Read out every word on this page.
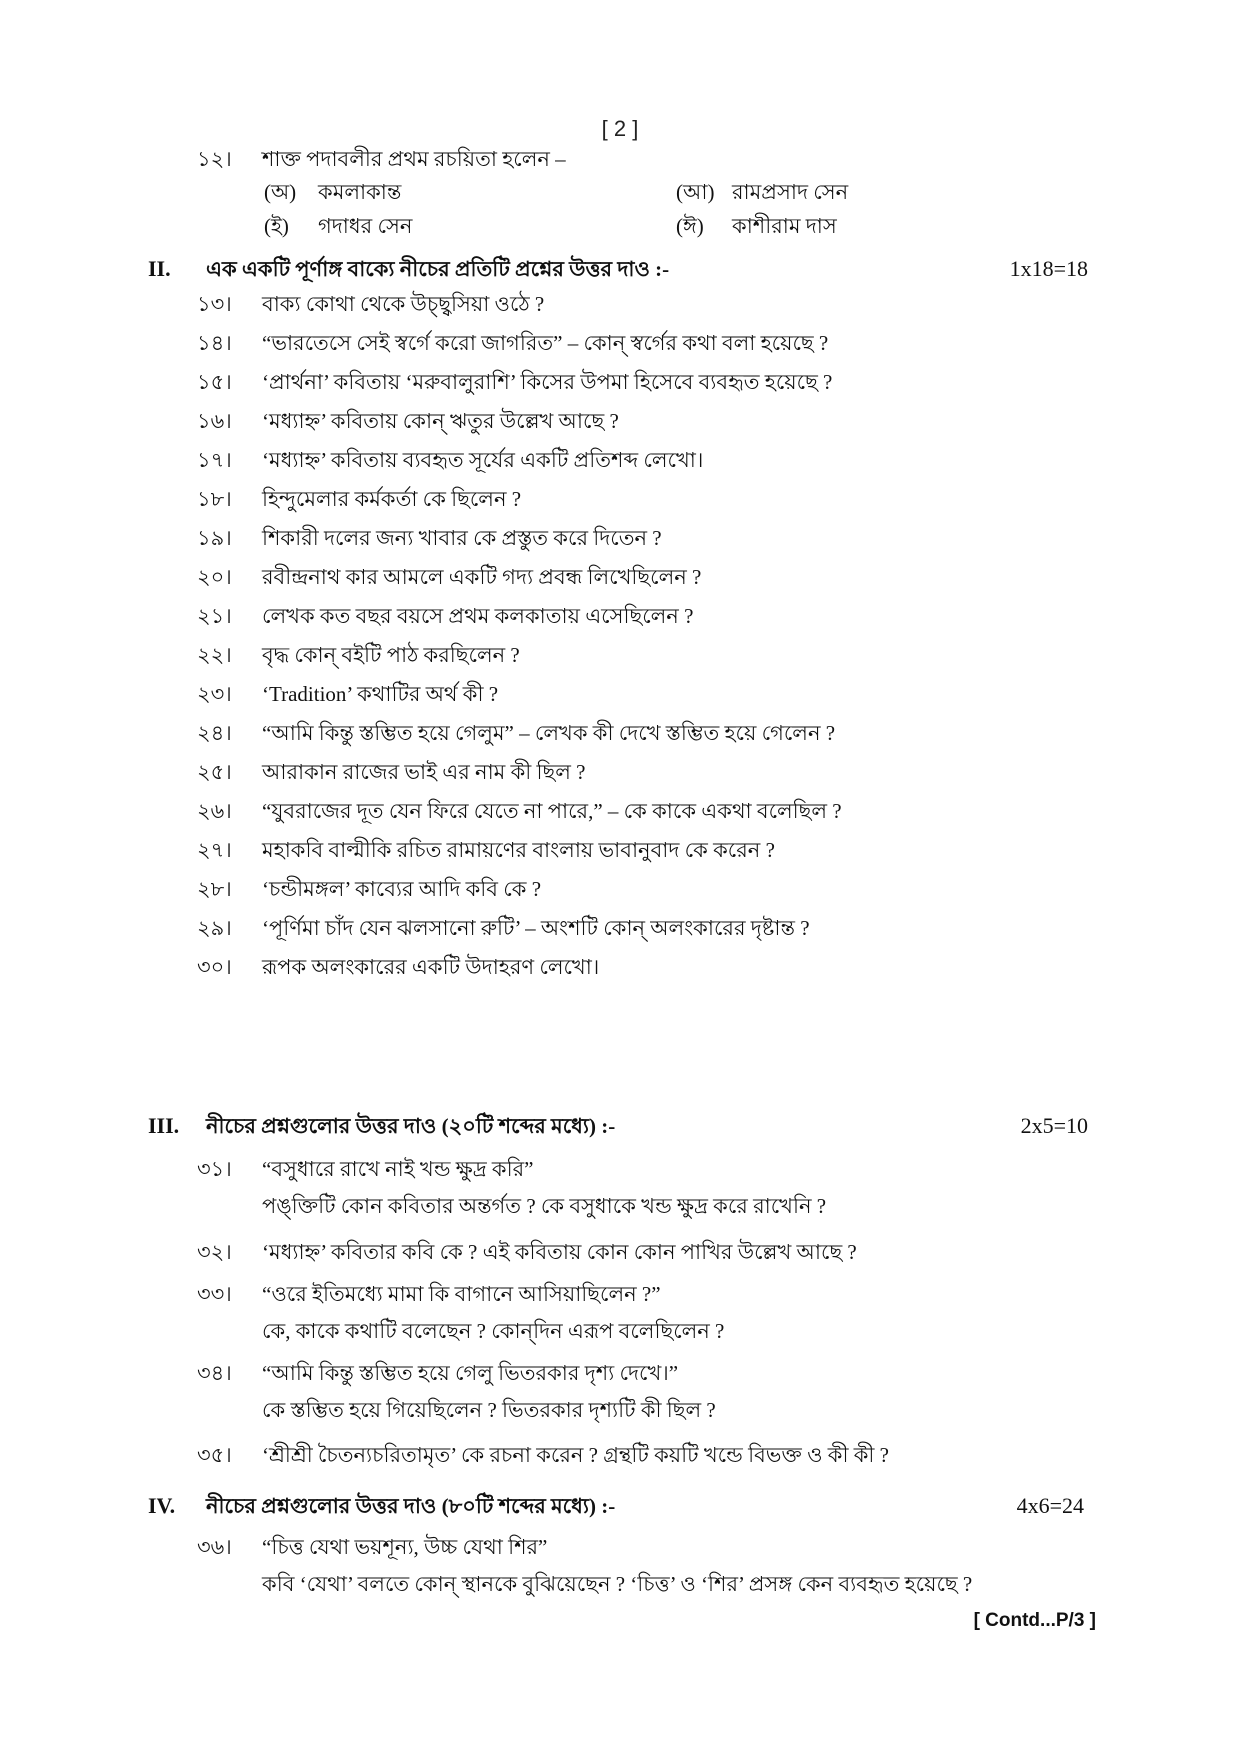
[ 2 ]
১২। শাক্ত পদাবলীর প্রথম রচয়িতা হলেন –
(অ) কমলাকান্ত	(আ) রামপ্রসাদ সেন
(ই) গদাধর সেন	(ঈ) কাশীরাম দাস
II. এক একটি পূর্ণাঙ্গ বাক্যে নীচের প্রতিটি প্রশ্নের উত্তর দাও :-	1x18=18
১৩। বাক্য কোথা থেকে উচ্ছ্বসিয়া ওঠে ?
১৪। “ভারতেসে সেই স্বর্গে করো জাগরিত” – কোন্ স্বর্গের কথা বলা হয়েছে ?
১৫। ‘প্রার্থনা’ কবিতায় ‘মরুবালুরাশি’ কিসের উপমা হিসেবে ব্যবহৃত হয়েছে ?
১৬। ‘মধ্যাহ্ন’ কবিতায় কোন্ ঋতুর উল্লেখ আছে ?
১৭। ‘মধ্যাহ্ন’ কবিতায় ব্যবহৃত সূর্যের একটি প্রতিশব্দ লেখো।
১৮। হিন্দুমেলার কর্মকর্তা কে ছিলেন ?
১৯। শিকারী দলের জন্য খাবার কে প্রস্তুত করে দিতেন ?
২০। রবীন্দ্রনাথ কার আমলে একটি গদ্য প্রবন্ধ লিখেছিলেন ?
২১। লেখক কত বছর বয়সে প্রথম কলকাতায় এসেছিলেন ?
২২। বৃদ্ধ কোন্ বইটি পাঠ করছিলেন ?
২৩। ‘Tradition’ কথাটির অর্থ কী ?
২৪। “আমি কিন্তু স্তম্ভিত হয়ে গেলুম” – লেখক কী দেখে স্তম্ভিত হয়ে গেলেন ?
২৫। আরাকান রাজের ভাই এর নাম কী ছিল ?
২৬। “যুবরাজের দূত যেন ফিরে যেতে না পারে,” – কে কাকে একথা বলেছিল ?
২৭। মহাকবি বাল্মীকি রচিত রামায়ণের বাংলায় ভাবানুবাদ কে করেন ?
২৮। ‘চন্ডীমঙ্গল’ কাব্যের আদি কবি কে ?
২৯। ‘পূর্ণিমা চাঁদ যেন ঝলসানো রুটি’ – অংশটি কোন্ অলংকারের দৃষ্টান্ত ?
৩০। রূপক অলংকারের একটি উদাহরণ লেখো।
III. নীচের প্রশ্নগুলোর উত্তর দাও (২০টি শব্দের মধ্যে) :-	2x5=10
৩১। “বসুধারে রাখে নাই খন্ড ক্ষুদ্র করি”
পঙ্‌ক্তিটি কোন কবিতার অন্তর্গত ? কে বসুধাকে খন্ড ক্ষুদ্র করে রাখেনি ?
৩২। ‘মধ্যাহ্ন’ কবিতার কবি কে ? এই কবিতায় কোন কোন পাখির উল্লেখ আছে ?
৩৩। “ওরে ইতিমধ্যে মামা কি বাগানে আসিয়াছিলেন ?”
কে, কাকে কথাটি বলেছেন ? কোন্‌দিন এরূপ বলেছিলেন ?
৩৪। “আমি কিন্তু স্তম্ভিত হয়ে গেলু ভিতরকার দৃশ্য দেখে।”
কে স্তম্ভিত হয়ে গিয়েছিলেন ? ভিতরকার দৃশ্যটি কী ছিল ?
৩৫। ‘শ্রীশ্রী চৈতন্যচরিতামৃত’ কে রচনা করেন ? গ্রন্থটি কয়টি খন্ডে বিভক্ত ও কী কী ?
IV. নীচের প্রশ্নগুলোর উত্তর দাও (৮০টি শব্দের মধ্যে) :-	4x6=24
৩৬। “চিত্ত যেথা ভয়শূন্য, উচ্চ যেথা শির”
কবি ‘যেথা’ বলতে কোন্ স্থানকে বুঝিয়েছেন ? ‘চিত্ত’ ও ‘শির’ প্রসঙ্গ কেন ব্যবহৃত হয়েছে ?
[ Contd...P/3 ]
